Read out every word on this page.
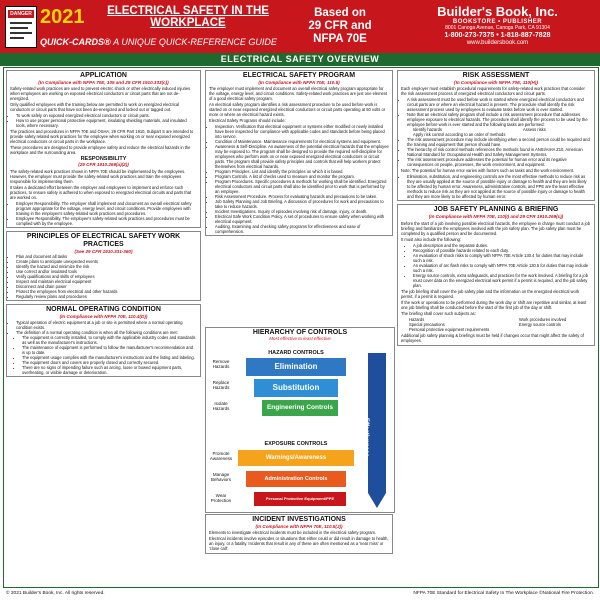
DANGER 2021	ELECTRICAL SAFETY IN THE WORKPLACE
QUICK-CARDS® A UNIQUE QUICK-REFERENCE GUIDE
Based on
29 CFR and
NFPA 70E
Builder's Book, Inc.
BOOKSTORE • PUBLISHER
8001 Canoga Avenue, Canoga Park, CA 91304
1-800-273-7375 • 1-818-887-7828
www.buildersbook.com
ELECTRICAL SAFETY OVERVIEW
APPLICATION
(In Compliance with NFPA 70E, 105 and 29 CFR 1910.333(c))
Safety-related work practices are used to prevent electric shock or other electrically induced injuries when employees are working on exposed electrical conductors or circuit parts that are not de-energized.
Only qualified employees with the training below are permitted to work on energized electrical conductors or circuit parts that have not been de-energized and locked out or tagged out.
• To work safely on exposed energized electrical conductors or circuit parts.
• How to use proper personal protective equipment, insulating shielding materials, and insulated tools, where necessary.
The practices and procedures in NFPA 70E and OSHA, 29 CFR Part 1910, Subpart S are intended to provide safety related work practices for the employee when working on or near exposed energized electrical conductors or circuit parts in the workplace.
These procedures are designed to provide employee safety and reduce the electrical hazards in the workplace and the surrounding area.
RESPONSIBILITY
(29 CFR 1910.269(a)(2))
The safety-related work practices shown in NFPA 70E should be implemented by the employees. However, the employer must provide the safety-related work practices and train the employees responsible for implementing them.
It takes a dedicated effort between the employer and employees to implement and enforce such practices, to ensure safety is adhered to when exposed to energized electrical circuits and parts that are worked on.
• Employer Responsibility. The employer shall implement and document an overall electrical safety program appropriate for the voltage, energy level, and circuit conditions. Provide employees with training in the employee's safety-related work practices and procedures.
• Employee Responsibility. The employee's safety-related work practices and procedures must be complied with by the employee.
PRINCIPLES OF ELECTRICAL SAFETY WORK PRACTICES
(See 29 CFR 1910.331-360)
• Plan and document all tasks
• Create plans to anticipate unexpected events
• Identify the hazard and minimize the risk
• Use correct and/or insulated tools
• Verify qualifications and skills of employees
• Inspect and maintain electrical equipment
• Disconnect and drain power
• Protect the employees from electrical and other hazards
• Regularly review plans and procedures
NORMAL OPERATING CONDITION
(In Compliance with NFPA 70E, 110.4(D))
• Typical operation of electric equipment at a job or site is permitted where a normal operating condition exists.
• The definition of a normal operating condition is when all the following conditions are met:
• The equipment is correctly installed, to comply with the applicable industry codes and standards as well as the manufacturer's instructions.
• The maintenance of equipment is performed to follow the manufacturer's recommendation and is up to date.
• The equipment usage complies with the manufacturer's instructions and the listing and labeling.
• The equipment doors and covers are properly closed and correctly secured.
• There are no signs of impending failure such as arcing, loose or bowed equipment parts, overheating, or visible damage or deterioration.
ELECTRICAL SAFETY PROGRAM
(In Compliance with NFPA 70E, 110.5)
The employer must implement and document an overall electrical safety program appropriate for the voltage, energy level, and circuit conditions. Safety-related work practices are just one element of a good electrical safety program.
An electrical safety program identifies a risk assessment procedure to be used before work is started on or near exposed energized electrical conductors or circuit parts operating at 50 volts or more or where an electrical hazard exists.
Electrical Safety Programs should include:
• Inspection. Verification that electrical equipment or systems either modified or newly installed have been inspected for compliance with applicable codes and standards before being placed into service.
• Condition of Maintenance. Maintenance requirements for electrical systems and equipment.
• Awareness & Self-Discipline. An awareness of the potential electrical hazards that the employee may be exposed to. The program shall be designed to provide the required self-discipline for employees who perform work on or near exposed energized electrical conductors or circuit parts. The program shall provide safety principles and controls that will help workers protect themselves from electrical hazards.
• Program Principles. List and identify the principles on which it is based.
• Program Controls. A list of checks used to measure and monitor the program.
• Program Procedures. Specific procedures & methods for working shall be identified. Energized electrical conductors and circuit parts shall also be identified prior to work that is performed by an employee.
• Risk Assessment Procedure. Process for evaluating hazards and precautions to be taken.
• Job Safety Planning and Job Briefing. A discussion of procedures for work and precautions to take to reduce hazards.
• Incident Investigations. Inquiry of episodes involving risk of damage, injury, or death.
• Electrical Safe Work Condition Policy. A set of procedures to ensure safety when working with electrical equipment.
• Auditing. Examining and checking safety programs for effectiveness and ease of comprehension.
HIERARCHY OF CONTROLS
Most effective to least effective
HAZARD CONTROLS
EXPOSURE CONTROLS
Remove Hazards	Elimination
Replace Hazards	Substitution
Isolate Hazards	Engineering Controls
Promote Awareness	Warnings/Awareness
Manage Behaviors	Administration Controls
Wear Protection	Personal Protective Equipment/PPE
Effectiveness
INCIDENT INVESTIGATIONS
(In Compliance with NFPA 70E, 110.5(J))
Elements to investigate electrical incidents must be included in the electrical safety program.
Electrical incidents involve episodes or situations that either could or did result in damage to health, an injury, or a fatality. Incidents that result in any of these are often mentioned as a 'near miss' or 'close call'.
RISK ASSESSMENT
(In Compliance with NFPA 70E, 110(H))
Each employer must establish procedural requirements for safety-related work practices that consider the risk assessment process of energized electrical conductors and circuit parts.
• A risk assessment must be used before work is started where energized electrical conductors and circuit parts are or where an electrical hazard is present. The procedure shall identify the risk assessment process used by employees to evaluate tasks before work is ever started.
• Note that an electrical safety program shall include a risk assessment procedure that addresses employee exposure to electrical hazards. The procedure shall identify the process to be used by the employee before work is ever started and the following tasks are performed:
Identify hazards	Assess risks
Apply risk control according to an order of methods
• The risk assessment procedure may include identifying when a second person could be required and the training and equipment that person should have.
• The hierarchy of risk control methods references the methods found in ANSI/AIHA Z10, American National Standard for Occupational Health and Safety Management Systems.
• The risk assessment procedure addresses the potential for human error and its negative consequences on people, processes, the work environment, and equipment.
Note: The potential for human error varies with factors such as tasks and the work environment.
• Elimination, substitution, and engineering controls are the most effective methods to reduce risk as they are usually applied at the source of possible injury or damage to health and they are less likely to be affected by human error. Awareness, administrative controls, and PPE are the least effective methods to reduce risk as they are not applied at the source of possible injury or damage to health and they are more likely to be affected by human error.
JOB SAFETY PLANNING & BRIEFING
(In Compliance with NFPA 70E, 110(I) and 29 CFR 1910.269(c))
Before the start of a job involving possible electrical hazards, the employee in charge must conduct a job briefing and familiarize the employees involved with the job safety plan. The job safety plan must be completed by a qualified person and be documented.
It must also include the following:
• A job description and the separate duties.
• Recognition of possible hazards related to each duty.
• An evaluation of shock risks to comply with NFPA 70E Article 130.4 for duties that may include such a risk.
• An evaluation of arc flash risks to comply with NFPA 70E Article 130.5 for duties that may include such a risk.
• Energy source controls, extra safeguards, and practices for the work involved. A briefing for a job must cover data on the energized electrical work permit if a permit is required, and the job safety plan.
The job briefing shall cover the job safety plan and the information on the energized electrical work permit, if a permit is required.
If the work or operations to be performed during the work day or shift are repetitive and similar, at least one job briefing shall be conducted before the start of the first job of the day or shift.
The briefing shall cover such subjects as:
Hazards	Work procedures involved
Special precautions	Energy source controls
Personal protective equipment requirements
Additional job safety planning & briefings must be held if changes occur that might affect the safety of employees.
© 2021 Builder's Book, Inc. All rights reserved.	NFPA 70E Standard for Electrical Safety In The Workplace ©National Fire Protection.
